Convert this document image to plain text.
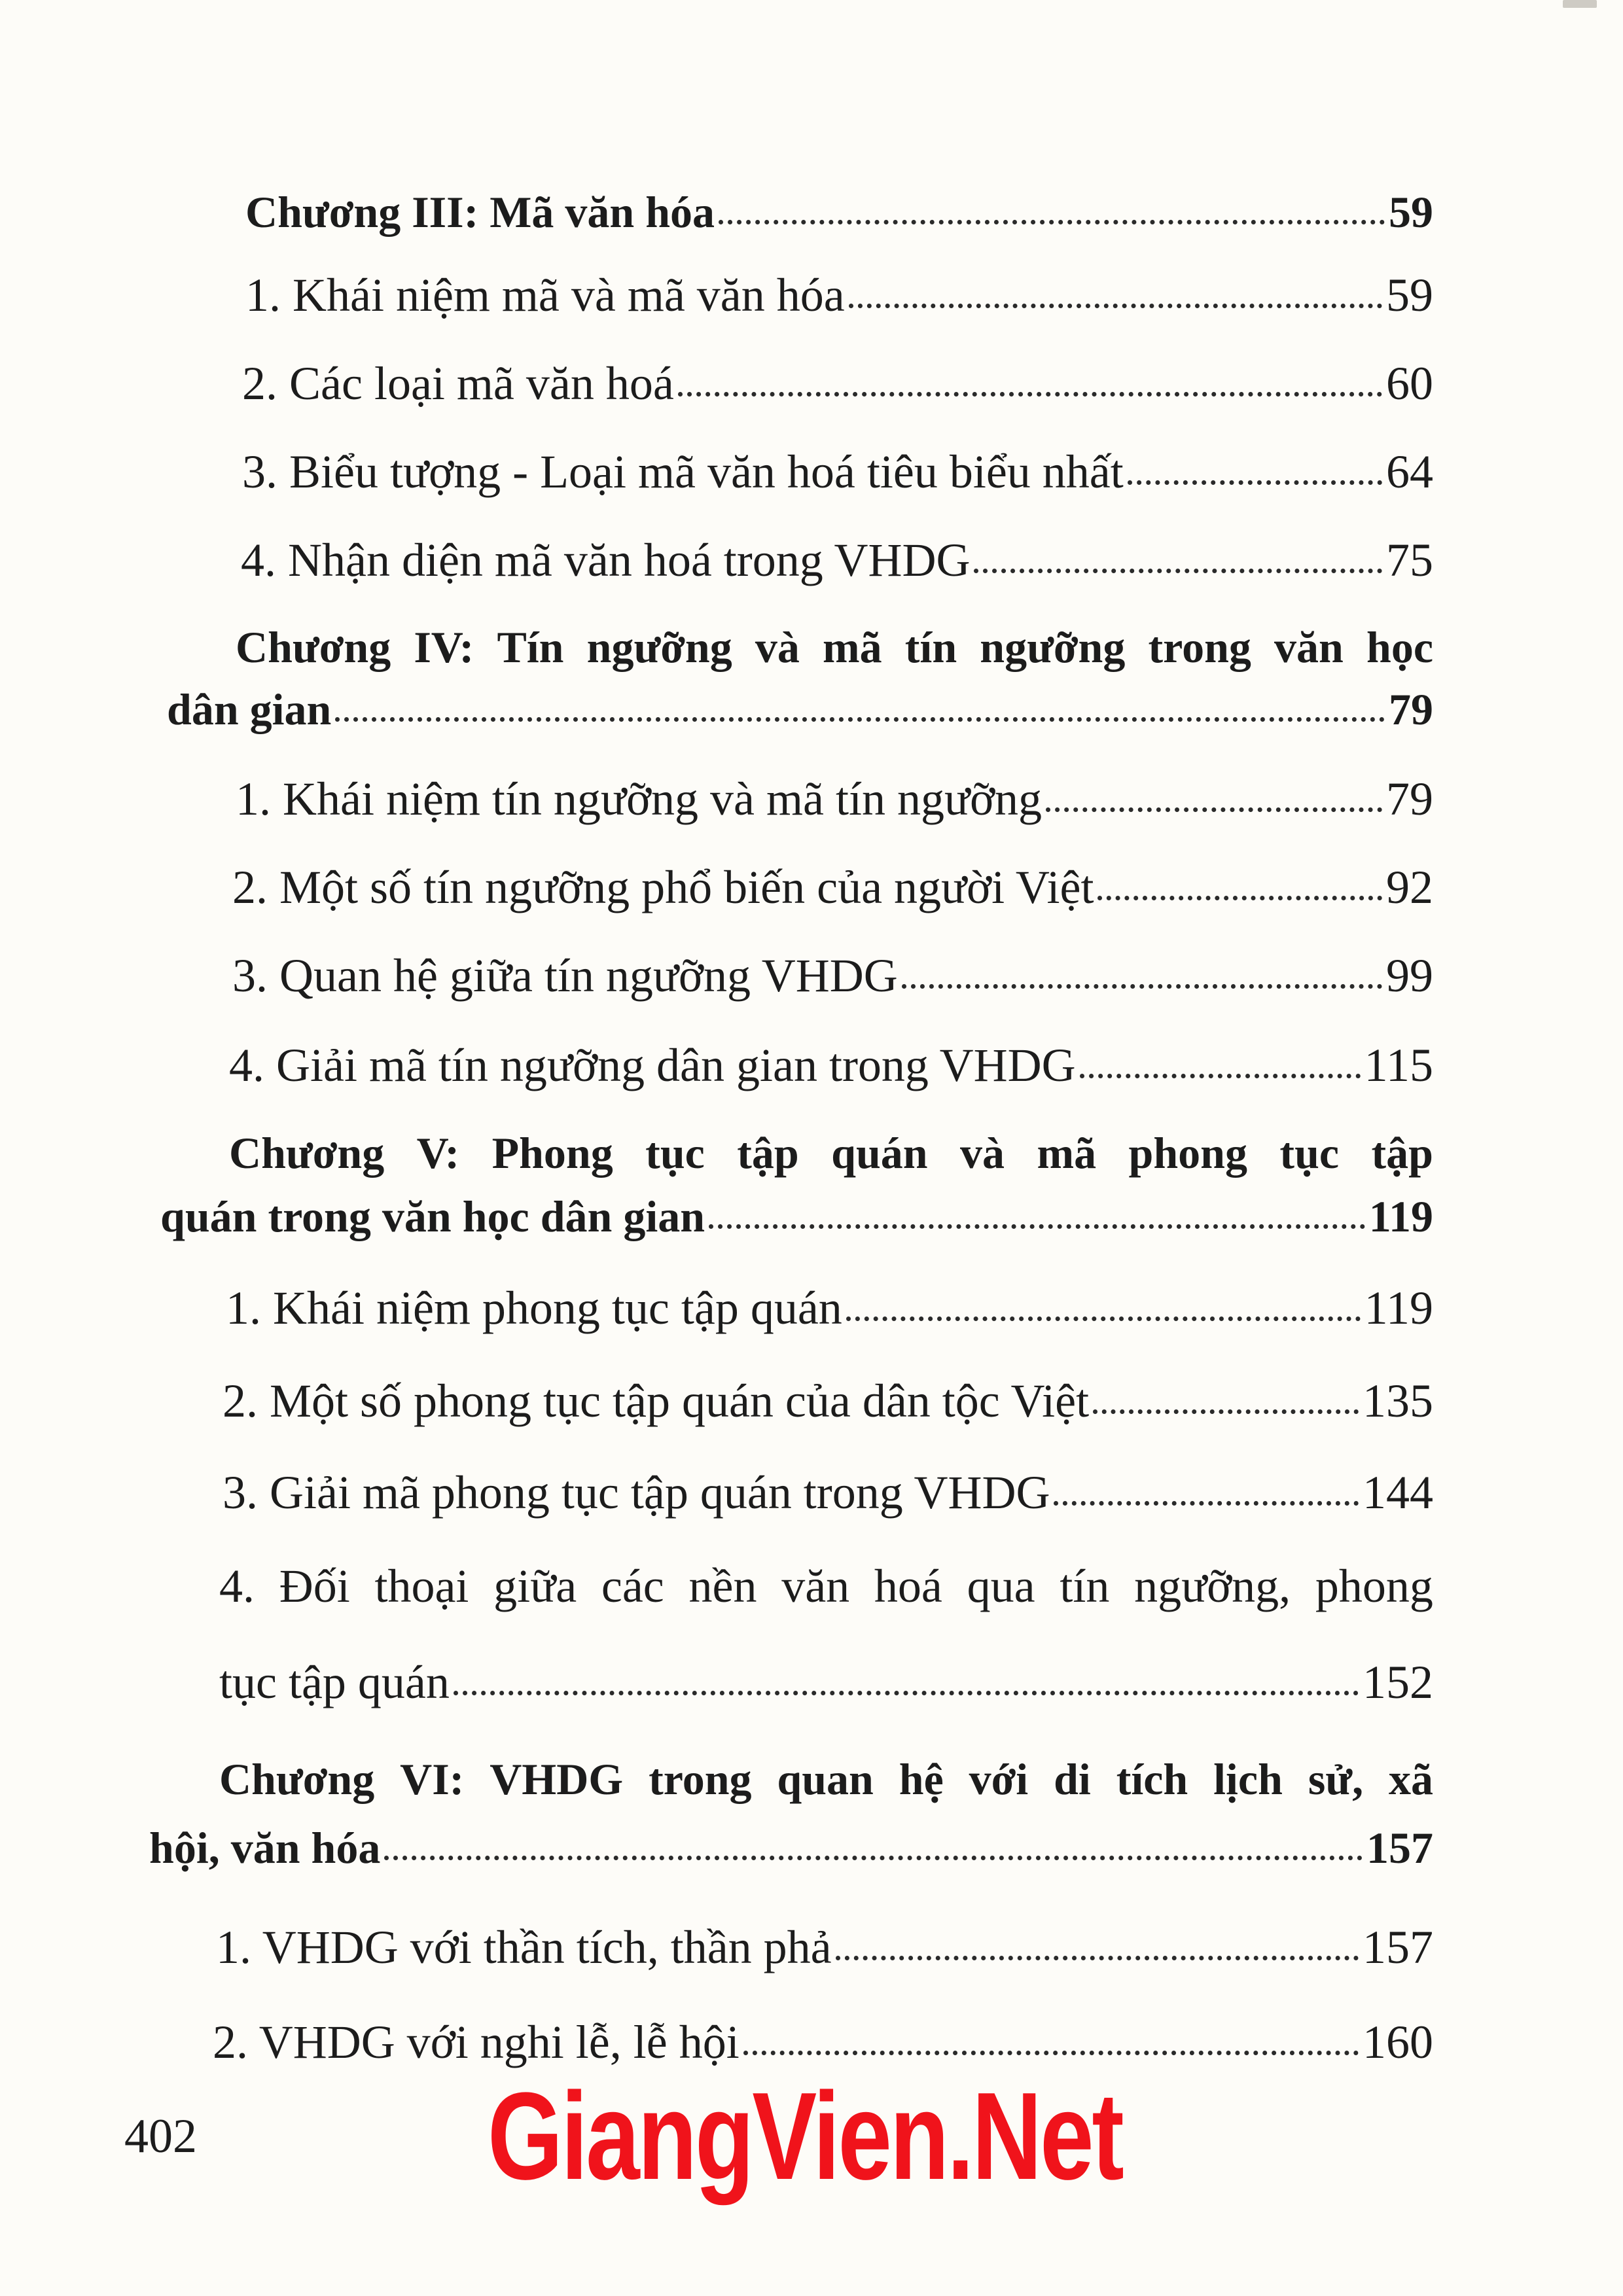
Chương III: Mã văn hóa	59
1. Khái niệm mã và mã văn hóa	59
2. Các loại mã văn hoá	60
3. Biểu tượng - Loại mã văn hoá tiêu biểu nhất	64
4. Nhận diện mã văn hoá trong VHDG	75
Chương IV: Tín ngưỡng và mã tín ngưỡng trong văn học
dân gian	79
1. Khái niệm tín ngưỡng và mã tín ngưỡng	79
2. Một số tín ngưỡng phổ biến của người Việt	92
3. Quan hệ giữa tín ngưỡng VHDG	99
4. Giải mã tín ngưỡng dân gian trong VHDG	115
Chương V: Phong tục tập quán và mã phong tục tập
quán trong văn học dân gian	119
1. Khái niệm phong tục tập quán	119
2. Một số phong tục tập quán của dân tộc Việt	135
3. Giải mã phong tục tập quán trong VHDG	144
4. Đối thoại giữa các nền văn hoá qua tín ngưỡng, phong
tục tập quán	152
Chương VI: VHDG trong quan hệ với di tích lịch sử, xã
hội, văn hóa	157
1. VHDG với thần tích, thần phả	157
2. VHDG với nghi lễ, lễ hội	160
402 GiangVien.Net
